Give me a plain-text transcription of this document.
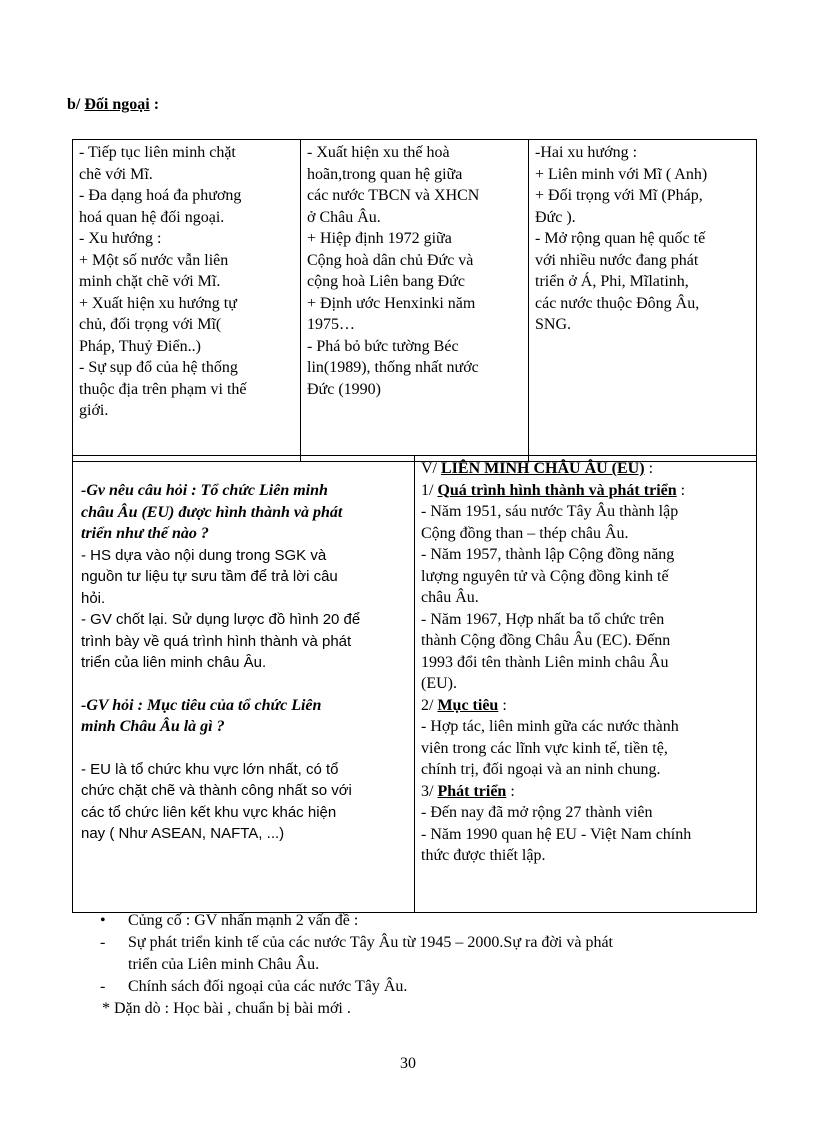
b/ Đối ngoại :
- Tiếp tục liên minh chặt
chẽ với Mĩ.
- Đa dạng hoá đa phương
hoá quan hệ đối ngoại.
- Xu hướng :
+ Một số nước vẫn liên
minh chặt chẽ với Mĩ.
+ Xuất hiện xu hướng tự
chủ, đối trọng với Mĩ(
Pháp, Thuỷ Điển..)
- Sự sụp đổ của hệ thống
thuộc địa trên phạm vi thế
giới.

- Xuất hiện xu thế hoà
hoãn,trong quan hệ giữa
các nước TBCN và XHCN
ở Châu Âu.
+ Hiệp định 1972 giữa
Cộng hoà dân chủ Đức và
cộng hoà Liên bang Đức
+ Định ước Henxinki năm
1975…
- Phá bỏ bức tường Béc
lin(1989), thống nhất nước
Đức (1990)

-Hai xu hướng :
+ Liên minh với Mĩ ( Anh)
+ Đối trọng với Mĩ (Pháp,
Đức ).
- Mở rộng quan hệ quốc tế
với nhiều nước đang phát
triển ở Á, Phi, Mĩlatinh,
các nước thuộc Đông Âu,
SNG.
-Gv nêu câu hỏi : Tổ chức Liên minh
châu Âu (EU) được hình thành và phát
triển như thế nào ?
- HS dựa vào nội dung trong SGK và
nguồn tư liệu tự sưu tầm để trả lời câu
hỏi.
- GV chốt lại. Sử dụng lược đồ hình 20 để
trình bày về quá trình hình thành và phát
triển của liên minh châu Âu.
-GV hỏi : Mục tiêu của tổ chức Liên
minh Châu Âu là gì ?
- EU là tổ chức khu vực lớn nhất, có tổ
chức chặt chẽ và thành công nhất so với
các tổ chức liên kết khu vực khác hiện
nay ( Như ASEAN, NAFTA, ...)

V/ LIÊN MINH CHÂU ÂU (EU) :
1/ Quá trình hình thành và phát triển :
- Năm 1951, sáu nước Tây Âu thành lập
Cộng đồng than – thép châu Âu.
- Năm 1957, thành lập Cộng đồng năng
lượng nguyên tử và Cộng đồng kinh tế
châu Âu.
- Năm 1967, Hợp nhất ba tổ chức trên
thành Cộng đồng Châu Âu (EC). Đếnn
1993 đổi tên thành Liên minh châu Âu
(EU).
2/ Mục tiêu :
- Hợp tác, liên minh gữa các nước thành
viên trong các lĩnh vực kinh tế, tiền tệ,
chính trị, đối ngoại và an ninh chung.
3/ Phát triển :
- Đến nay đã mở rộng 27 thành viên
- Năm 1990 quan hệ EU - Việt Nam chính
thức được thiết lập.
• Củng cố : GV nhấn mạnh 2 vấn đề :
- Sự phát triển kinh tế của các nước Tây Âu từ 1945 – 2000.Sự ra đời và phát
triển của Liên minh Châu Âu.
- Chính sách đối ngoại của các nước Tây Âu.
* Dặn dò : Học bài , chuẩn bị bài mới .
30
